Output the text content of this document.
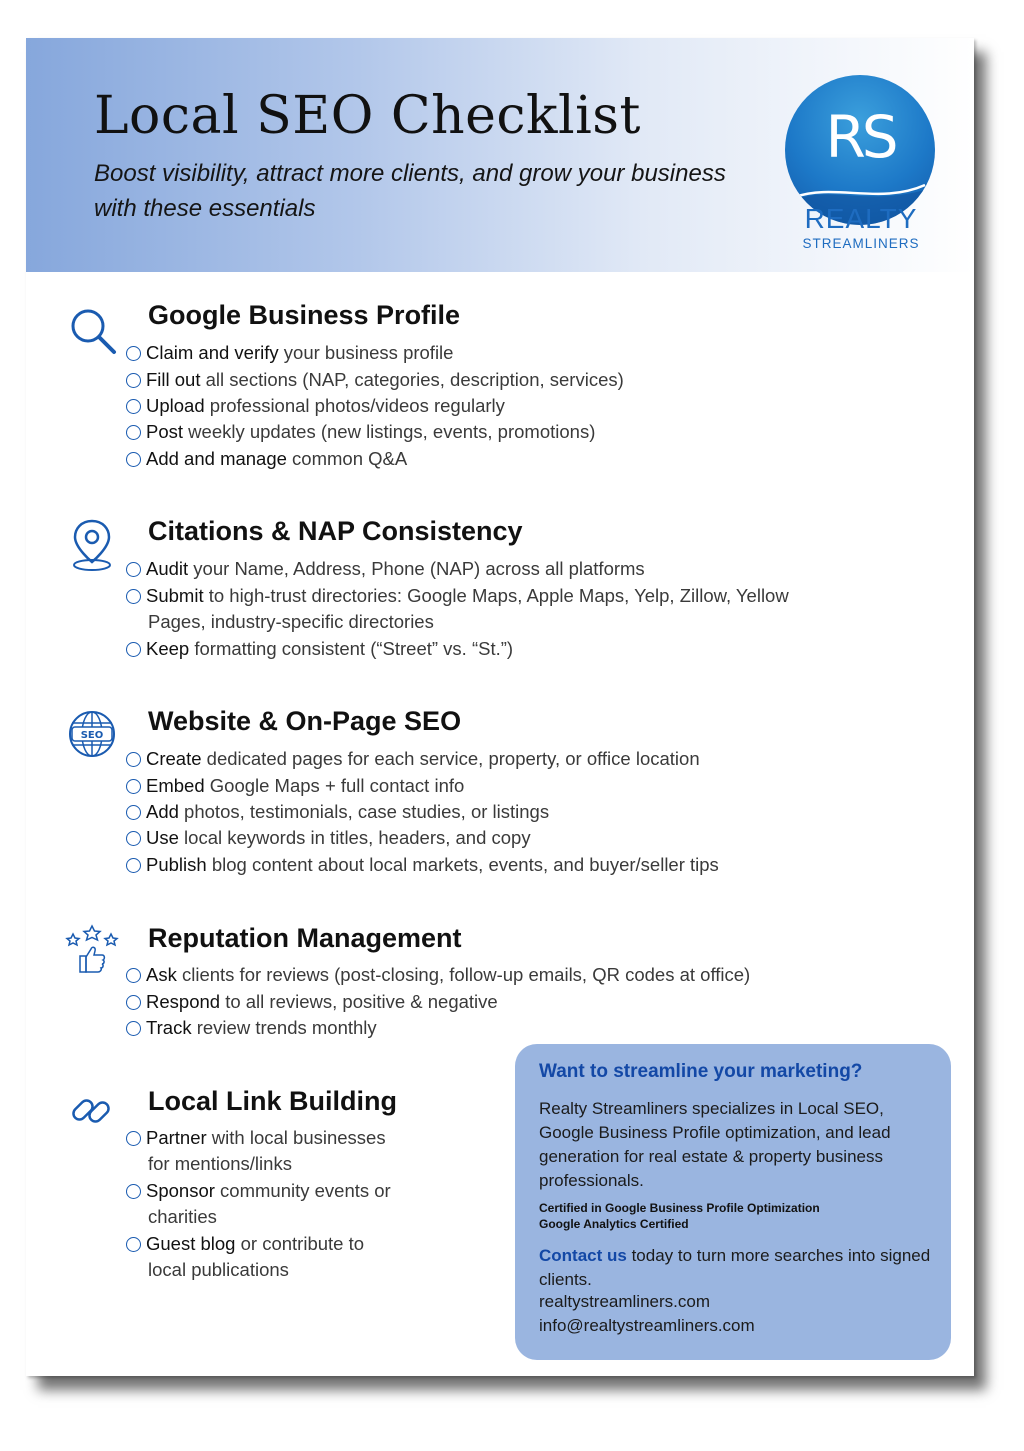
Local SEO Checklist
Boost visibility, attract more clients, and grow your business with these essentials
RS
REALTY
STREAMLINERS
Google Business Profile
Claim and verify your business profile
Fill out all sections (NAP, categories, description, services)
Upload professional photos/videos regularly
Post weekly updates (new listings, events, promotions)
Add and manage common Q&A
Citations & NAP Consistency
Audit your Name, Address, Phone (NAP) across all platforms
Submit to high-trust directories: Google Maps, Apple Maps, Yelp, Zillow, Yellow
Pages, industry-specific directories
Keep formatting consistent (“Street” vs. “St.”)
SEO Website & On-Page SEO
Create dedicated pages for each service, property, or office location
Embed Google Maps + full contact info
Add photos, testimonials, case studies, or listings
Use local keywords in titles, headers, and copy
Publish blog content about local markets, events, and buyer/seller tips
Reputation Management
Ask clients for reviews (post-closing, follow-up emails, QR codes at office)
Respond to all reviews, positive & negative
Track review trends monthly
Local Link Building
Partner with local businesses
for mentions/links
Sponsor community events or
charities
Guest blog or contribute to
local publications
Want to streamline your marketing?
Realty Streamliners specializes in Local SEO, Google Business Profile optimization, and lead generation for real estate & property business professionals.
Certified in Google Business Profile Optimization
Google Analytics Certified
Contact us today to turn more searches into signed clients.
realtystreamliners.com
info@realtystreamliners.com
